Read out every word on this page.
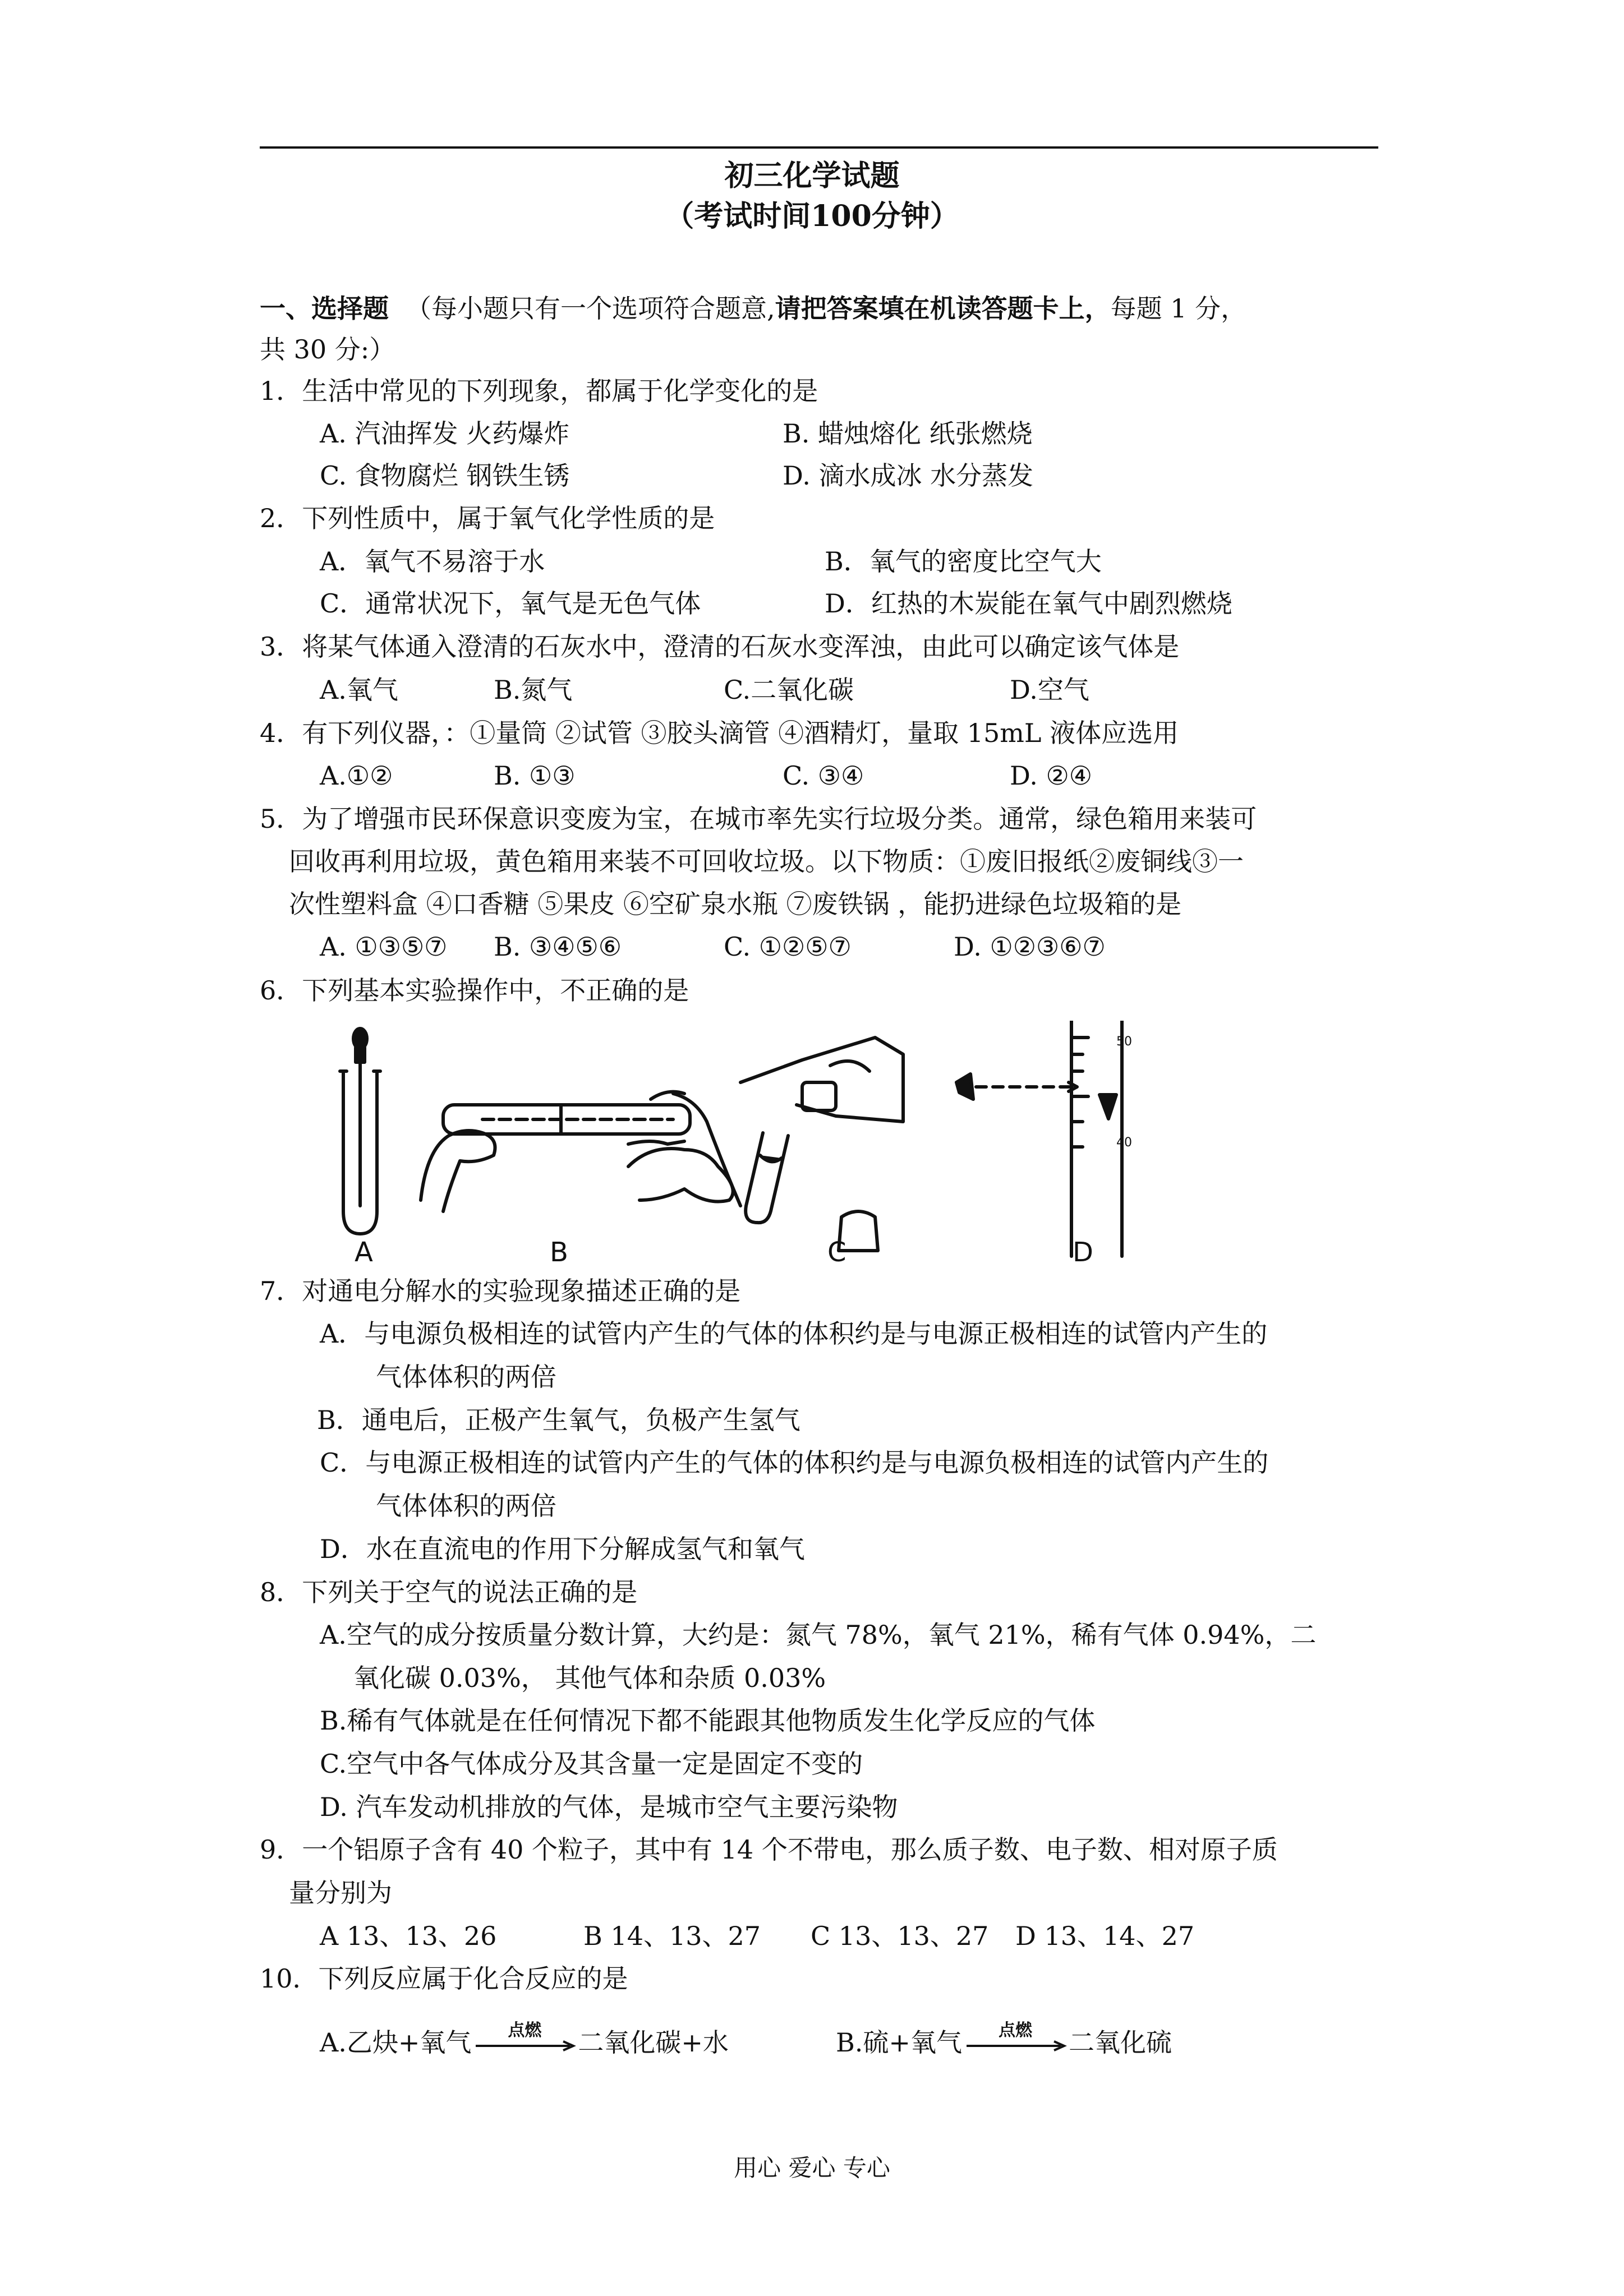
初三化学试题
（考试时间100分钟）
一、选择题 （每小题只有一个选项符合题意,请把答案填在机读答题卡上，每题 1 分，
共 30 分:）
1．生活中常见的下列现象，都属于化学变化的是
A. 汽油挥发 火药爆炸	B. 蜡烛熔化 纸张燃烧
C. 食物腐烂 钢铁生锈	D. 滴水成冰 水分蒸发
2．下列性质中，属于氧气化学性质的是
A．氧气不易溶于水	B．氧气的密度比空气大
C．通常状况下，氧气是无色气体	D．红热的木炭能在氧气中剧烈燃烧
3．将某气体通入澄清的石灰水中，澄清的石灰水变浑浊，由此可以确定该气体是
A.氧气	B.氮气	C.二氧化碳	D.空气
4．有下列仪器，：①量筒 ②试管 ③胶头滴管 ④酒精灯，量取 15mL 液体应选用
A.①②	B. ①③	C. ③④	D. ②④
5．为了增强市民环保意识变废为宝，在城市率先实行垃圾分类。通常，绿色箱用来装可
回收再利用垃圾，黄色箱用来装不可回收垃圾。以下物质：①废旧报纸②废铜线③一
次性塑料盒 ④口香糖 ⑤果皮 ⑥空矿泉水瓶 ⑦废铁锅 ，能扔进绿色垃圾箱的是
A. ①③⑤⑦ B. ③④⑤⑥	C. ①②⑤⑦	D. ①②③⑥⑦
6．下列基本实验操作中，不正确的是
50
40
A	B	C	D
7．对通电分解水的实验现象描述正确的是
A．与电源负极相连的试管内产生的气体的体积约是与电源正极相连的试管内产生的
气体体积的两倍
B．通电后，正极产生氧气，负极产生氢气
C．与电源正极相连的试管内产生的气体的体积约是与电源负极相连的试管内产生的
气体体积的两倍
D．水在直流电的作用下分解成氢气和氧气
8．下列关于空气的说法正确的是
A.空气的成分按质量分数计算，大约是：氮气 78%，氧气 21%，稀有气体 0.94%，二
氧化碳 0.03%， 其他气体和杂质 0.03%
B.稀有气体就是在任何情况下都不能跟其他物质发生化学反应的气体
C.空气中各气体成分及其含量一定是固定不变的
D. 汽车发动机排放的气体，是城市空气主要污染物
9．一个铝原子含有 40 个粒子，其中有 14 个不带电，那么质子数、电子数、相对原子质
量分别为
A 13、13、26	B 14、13、27 C 13、13、27 D 13、14、27
10．下列反应属于化合反应的是
A.乙炔+氧气	点燃	二氧化碳+水	B.硫+氧气	点燃	二氧化硫
用心 爱心 专心
